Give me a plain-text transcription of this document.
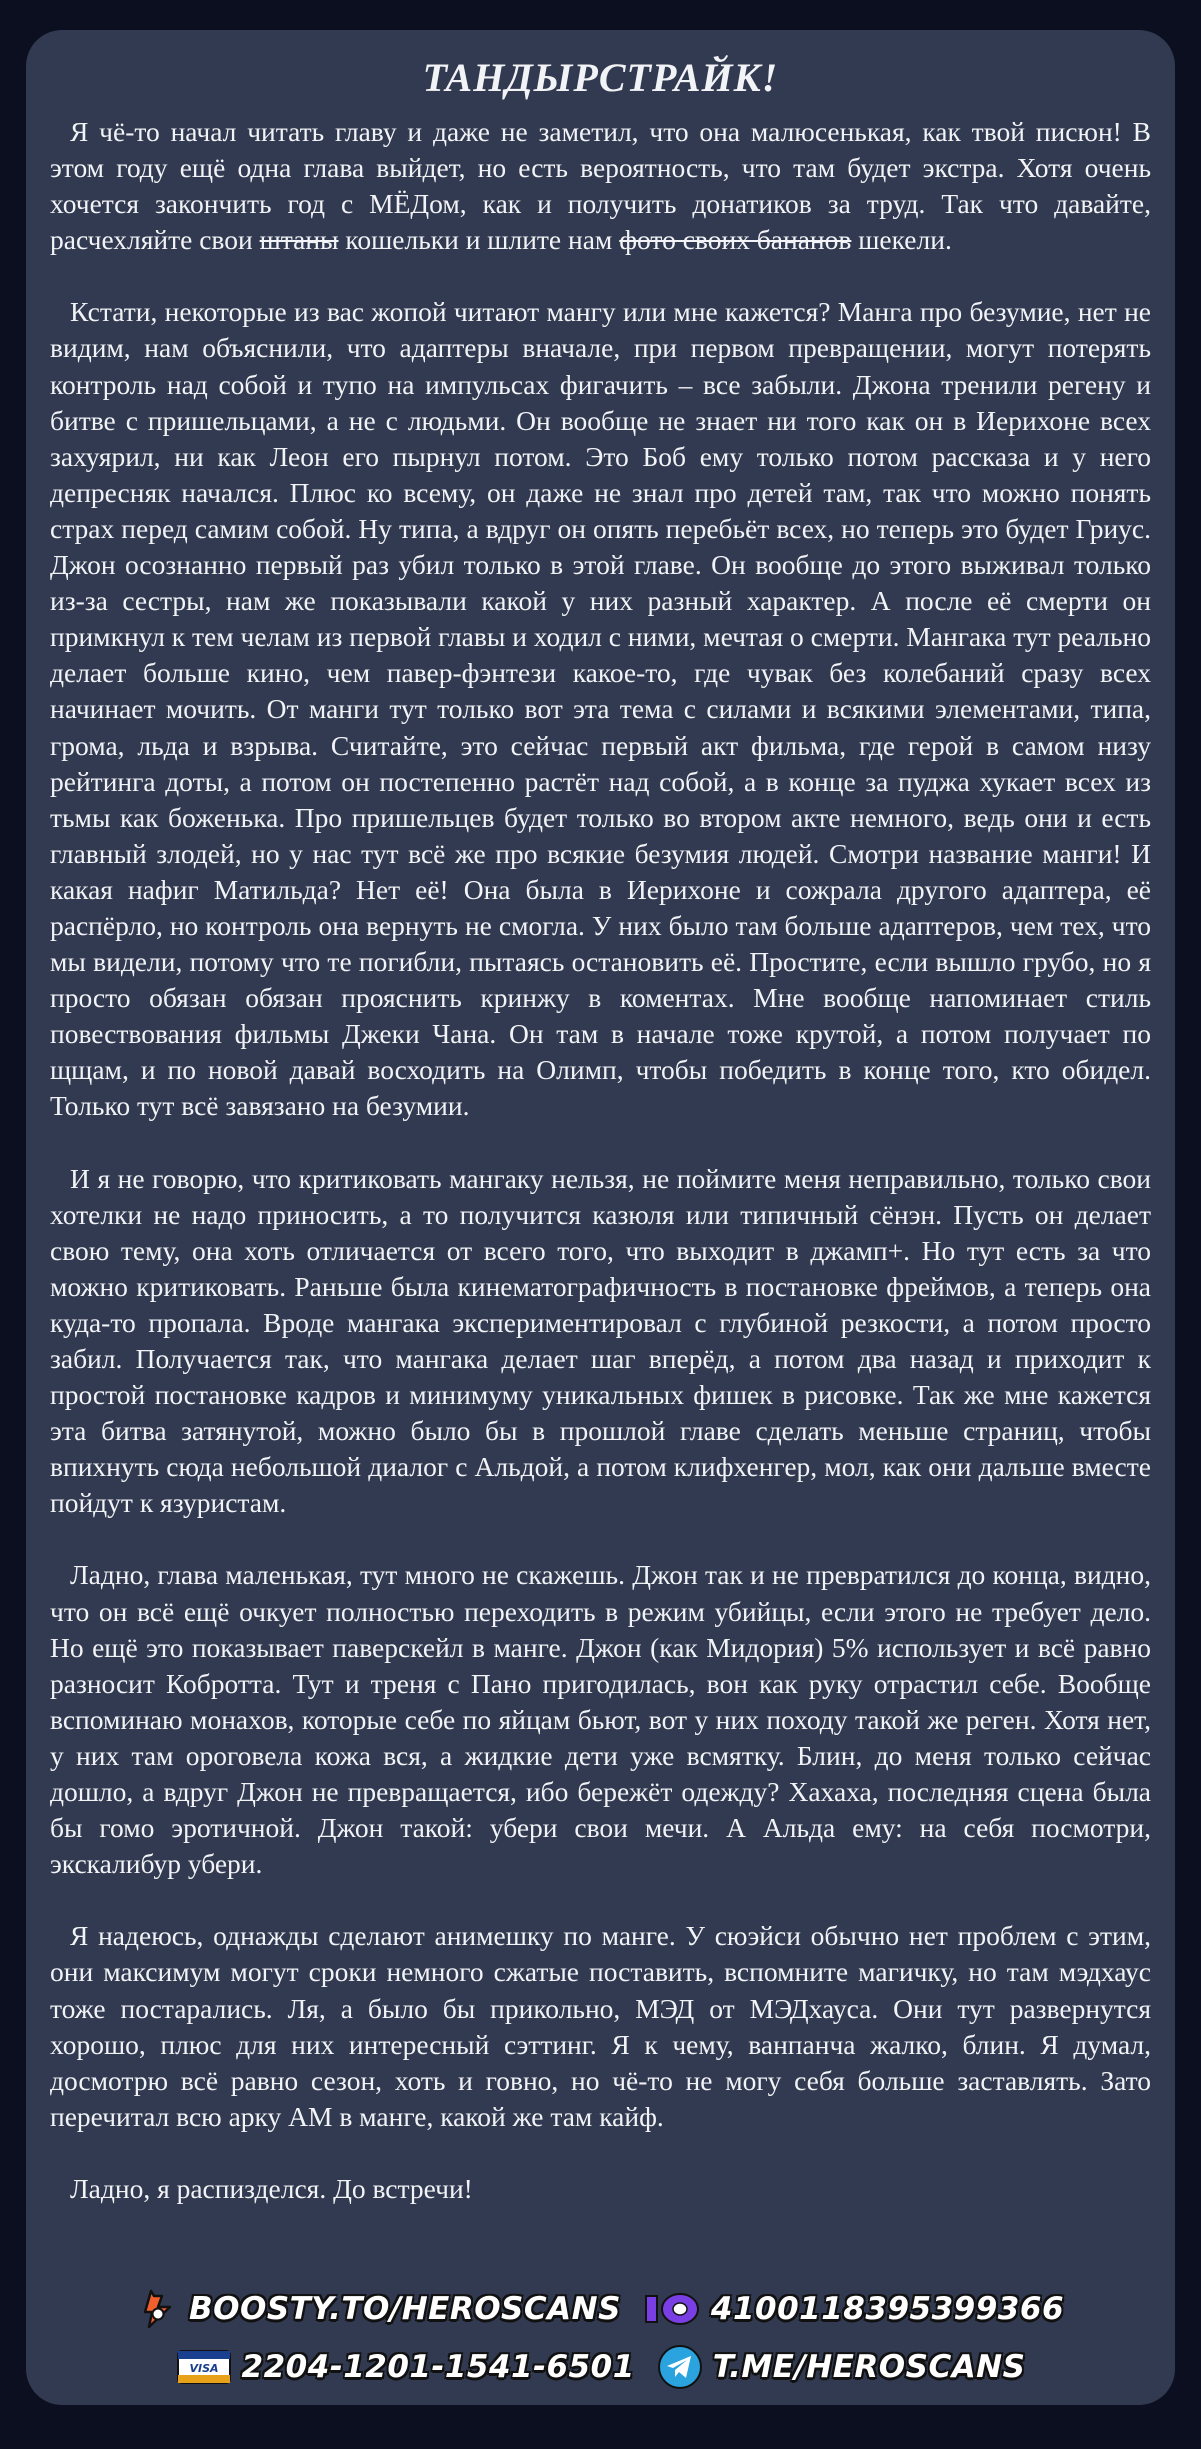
ТАНДЫРСТРАЙК!

Я чё-то начал читать главу и даже не заметил, что она малюсенькая, как твой писюн! В этом году ещё одна глава выйдет, но есть вероятность, что там будет экстра. Хотя очень хочется закончить год с МЁДом, как и получить донатиков за труд. Так что давайте, расчехляйте свои штаны кошельки и шлите нам фото своих бананов шекели.

Кстати, некоторые из вас жопой читают мангу или мне кажется? Манга про безумие, нет не видим, нам объяснили, что адаптеры вначале, при первом превращении, могут потерять контроль над собой и тупо на импульсах фигачить – все забыли. Джона тренили регену и битве с пришельцами, а не с людьми. Он вообще не знает ни того как он в Иерихоне всех захуярил, ни как Леон его пырнул потом. Это Боб ему только потом рассказа и у него депресняк начался. Плюс ко всему, он даже не знал про детей там, так что можно понять страх перед самим собой. Ну типа, а вдруг он опять перебьёт всех, но теперь это будет Гриус. Джон осознанно первый раз убил только в этой главе. Он вообще до этого выживал только из-за сестры, нам же показывали какой у них разный характер. А после её смерти он примкнул к тем челам из первой главы и ходил с ними, мечтая о смерти. Мангака тут реально делает больше кино, чем павер-фэнтези какое-то, где чувак без колебаний сразу всех начинает мочить. От манги тут только вот эта тема с силами и всякими элементами, типа, грома, льда и взрыва. Считайте, это сейчас первый акт фильма, где герой в самом низу рейтинга доты, а потом он постепенно растёт над собой, а в конце за пуджа хукает всех из тьмы как боженька. Про пришельцев будет только во втором акте немного, ведь они и есть главный злодей, но у нас тут всё же про всякие безумия людей. Смотри название манги! И какая нафиг Матильда? Нет её! Она была в Иерихоне и сожрала другого адаптера, её распёрло, но контроль она вернуть не смогла. У них было там больше адаптеров, чем тех, что мы видели, потому что те погибли, пытаясь остановить её. Простите, если вышло грубо, но я просто обязан обязан прояснить кринжу в коментах. Мне вообще напоминает стиль повествования фильмы Джеки Чана. Он там в начале тоже крутой, а потом получает по щщам, и по новой давай восходить на Олимп, чтобы победить в конце того, кто обидел. Только тут всё завязано на безумии.

И я не говорю, что критиковать мангаку нельзя, не поймите меня неправильно, только свои хотелки не надо приносить, а то получится казюля или типичный сёнэн. Пусть он делает свою тему, она хоть отличается от всего того, что выходит в джамп+. Но тут есть за что можно критиковать. Раньше была кинематографичность в постановке фреймов, а теперь она куда-то пропала. Вроде мангака экспериментировал с глубиной резкости, а потом просто забил. Получается так, что мангака делает шаг вперёд, а потом два назад и приходит к простой постановке кадров и минимуму уникальных фишек в рисовке. Так же мне кажется эта битва затянутой, можно было бы в прошлой главе сделать меньше страниц, чтобы впихнуть сюда небольшой диалог с Альдой, а потом клифхенгер, мол, как они дальше вместе пойдут к язуристам.

Ладно, глава маленькая, тут много не скажешь. Джон так и не превратился до конца, видно, что он всё ещё очкует полностью переходить в режим убийцы, если этого не требует дело. Но ещё это показывает паверскейл в манге. Джон (как Мидория) 5% использует и всё равно разносит Кобротта. Тут и треня с Пано пригодилась, вон как руку отрастил себе. Вообще вспоминаю монахов, которые себе по яйцам бьют, вот у них походу такой же реген. Хотя нет, у них там ороговела кожа вся, а жидкие дети уже всмятку. Блин, до меня только сейчас дошло, а вдруг Джон не превращается, ибо бережёт одежду? Хахаха, последняя сцена была бы гомо эротичной. Джон такой: убери свои мечи. А Альда ему: на себя посмотри, экскалибур убери.

Я надеюсь, однажды сделают анимешку по манге. У сюэйси обычно нет проблем с этим, они максимум могут сроки немного сжатые поставить, вспомните магичку, но там мэдхаус тоже постарались. Ля, а было бы прикольно, МЭД от МЭДхауса. Они тут развернутся хорошо, плюс для них интересный сэттинг. Я к чему, ванпанча жалко, блин. Я думал, досмотрю всё равно сезон, хоть и говно, но чё-то не могу себя больше заставлять. Зато перечитал всю арку АМ в манге, какой же там кайф.

Ладно, я распизделся. До встречи!

BOOSTY.TO/HEROSCANS	4100118395399366
VISA 2204-1201-1541-6501	T.ME/HEROSCANS
